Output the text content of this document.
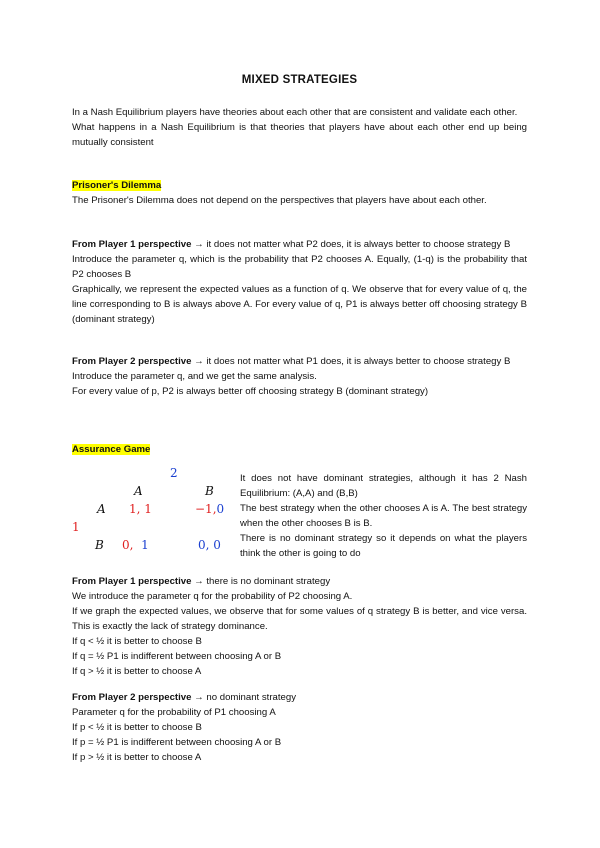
MIXED STRATEGIES

In a Nash Equilibrium players have theories about each other that are consistent and validate each other.

What happens in a Nash Equilibrium is that theories that players have about each other end up being mutually consistent

Prisoner's Dilemma

The Prisoner's Dilemma does not depend on the perspectives that players have about each other.

From Player 1 perspective → it does not matter what P2 does, it is always better to choose strategy B

Introduce the parameter q, which is the probability that P2 chooses A. Equally, (1-q) is the probability that P2 chooses B

Graphically, we represent the expected values as a function of q. We observe that for every value of q, the line corresponding to B is always above A. For every value of q, P1 is always better off choosing strategy B (dominant strategy)

From Player 2 perspective → it does not matter what P1 does, it is always better to choose strategy B

Introduce the parameter q, and we get the same analysis.

For every value of p, P2 is always better off choosing strategy B (dominant strategy)

Assurance Game

2
A	B
1
A 1, 1	−1,0
B 0, 1	0, 0

It does not have dominant strategies, although it has 2 Nash Equilibrium: (A,A) and (B,B)

The best strategy when the other chooses A is A. The best strategy when the other chooses B is B.

There is no dominant strategy so it depends on what the players think the other is going to do

From Player 1 perspective → there is no dominant strategy

We introduce the parameter q for the probability of P2 choosing A.

If we graph the expected values, we observe that for some values of q strategy B is better, and vice versa. This is exactly the lack of strategy dominance.

If q < ½ it is better to choose B

If q = ½ P1 is indifferent between choosing A or B

If q > ½ it is better to choose A

From Player 2 perspective → no dominant strategy

Parameter q for the probability of P1 choosing A

If p < ½ it is better to choose B

If p = ½ P1 is indifferent between choosing A or B

If p > ½ it is better to choose A
